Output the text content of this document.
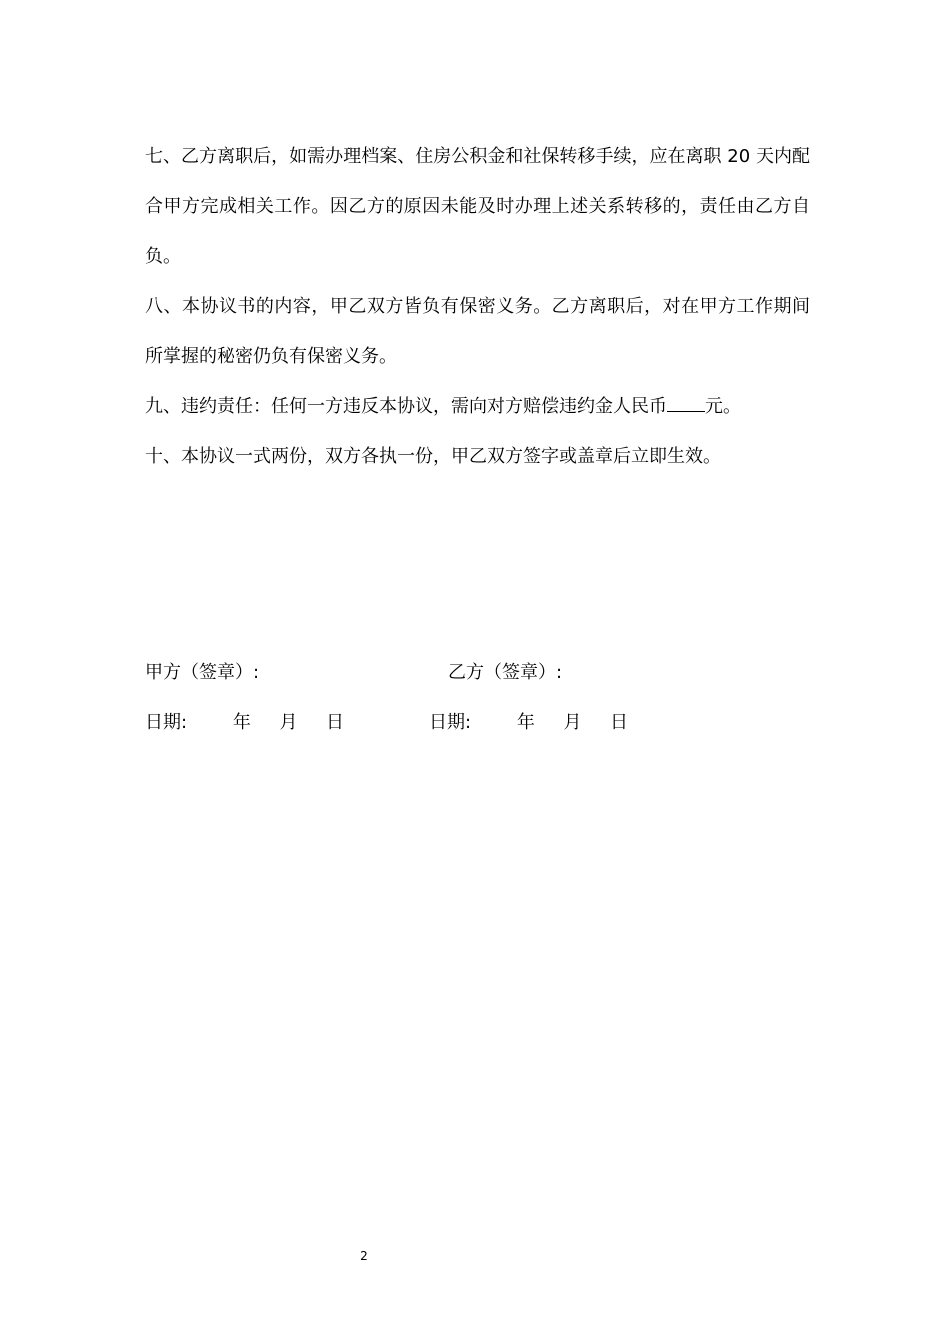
七、乙方离职后，如需办理档案、住房公积金和社保转移手续，应在离职 20 天内配合甲方完成相关工作。因乙方的原因未能及时办理上述关系转移的，责任由乙方自负。

八、本协议书的内容，甲乙双方皆负有保密义务。乙方离职后，对在甲方工作期间所掌握的秘密仍负有保密义务。

九、违约责任：任何一方违反本协议，需向对方赔偿违约金人民币 元。

十、本协议一式两份，双方各执一份，甲乙双方签字或盖章后立即生效。

甲方（签章）:	乙方（签章）:
日期:        年     月     日	日期:        年     月     日
2
